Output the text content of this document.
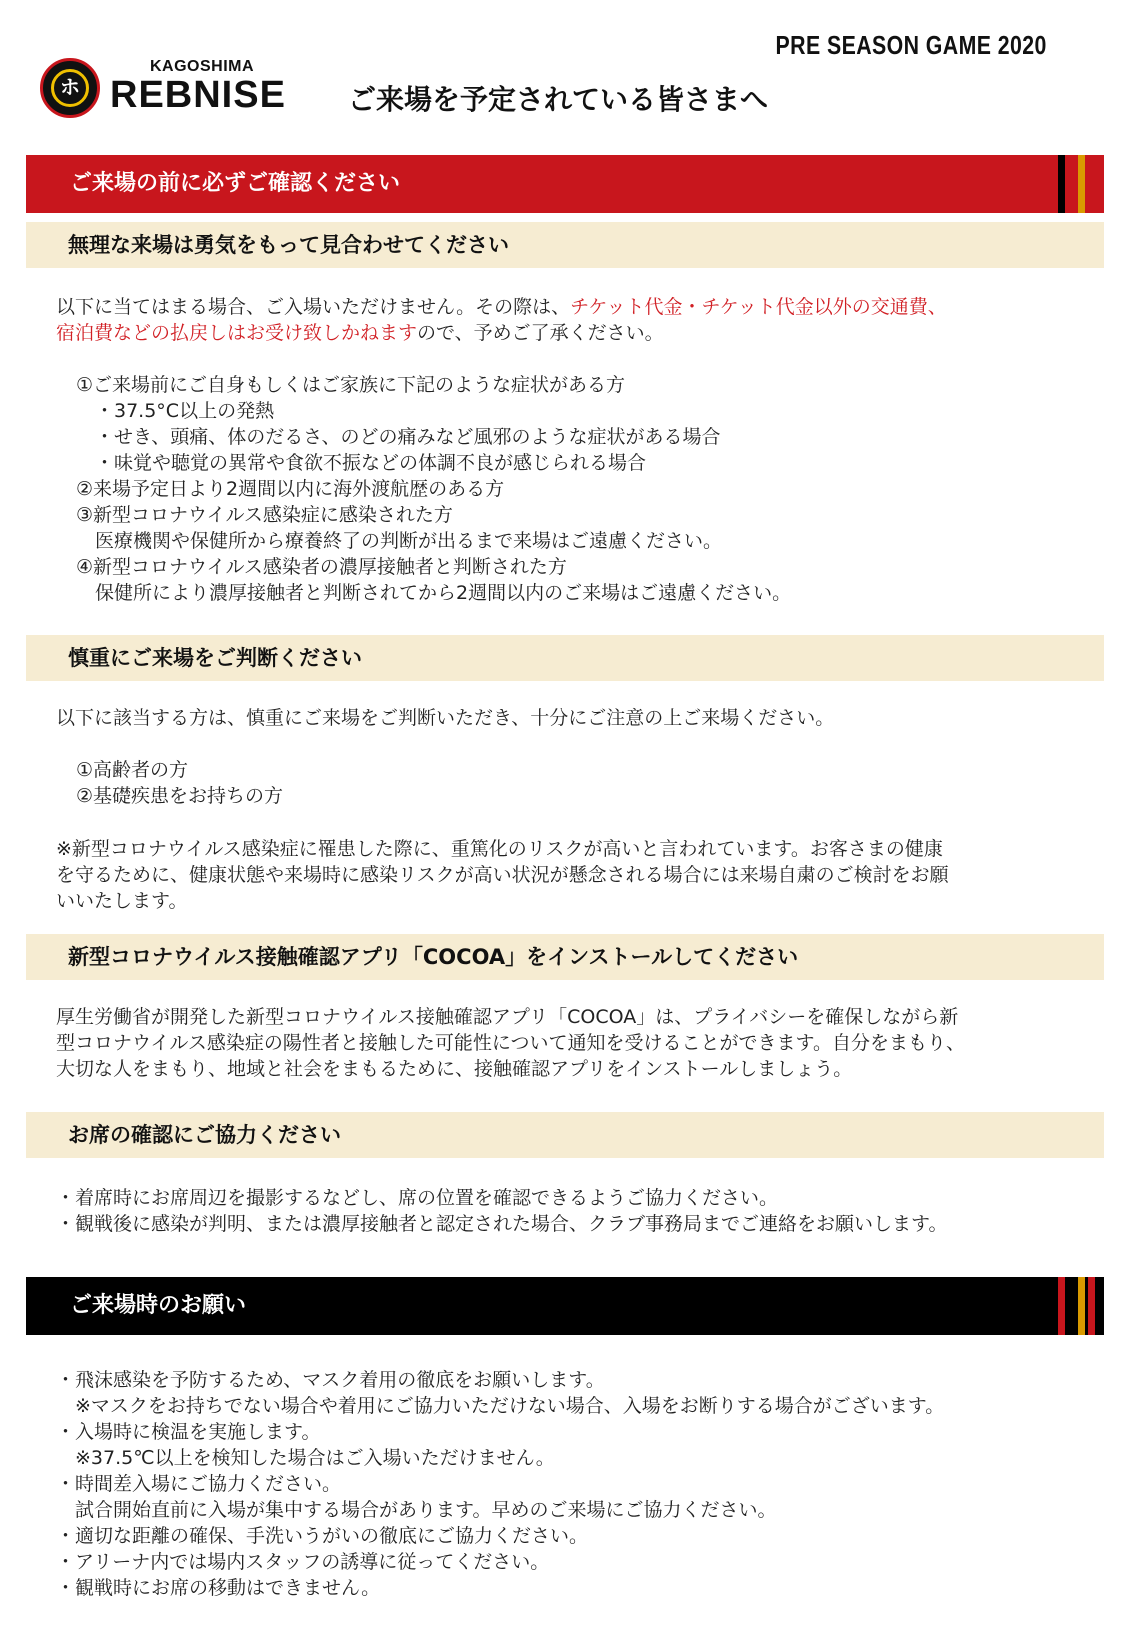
PRE SEASON GAME 2020
ホ
KAGOSHIMA
REBNISE ご来場を予定されている皆さまへ
ご来場の前に必ずご確認ください
無理な来場は勇気をもって見合わせてください
以下に当てはまる場合、ご入場いただけません。その際は、チケット代金・チケット代金以外の交通費、
宿泊費などの払戻しはお受け致しかねますので、予めご了承ください。
①ご来場前にご自身もしくはご家族に下記のような症状がある方
　・37.5°C以上の発熱
　・せき、頭痛、体のだるさ、のどの痛みなど風邪のような症状がある場合
　・味覚や聴覚の異常や食欲不振などの体調不良が感じられる場合
②来場予定日より2週間以内に海外渡航歴のある方
③新型コロナウイルス感染症に感染された方
　医療機関や保健所から療養終了の判断が出るまで来場はご遠慮ください。
④新型コロナウイルス感染者の濃厚接触者と判断された方
　保健所により濃厚接触者と判断されてから2週間以内のご来場はご遠慮ください。
慎重にご来場をご判断ください
以下に該当する方は、慎重にご来場をご判断いただき、十分にご注意の上ご来場ください。
①高齢者の方
②基礎疾患をお持ちの方
※新型コロナウイルス感染症に罹患した際に、重篤化のリスクが高いと言われています。お客さまの健康
を守るために、健康状態や来場時に感染リスクが高い状況が懸念される場合には来場自粛のご検討をお願
いいたします。
新型コロナウイルス接触確認アプリ「COCOA」をインストールしてください
厚生労働省が開発した新型コロナウイルス接触確認アプリ「COCOA」は、プライバシーを確保しながら新
型コロナウイルス感染症の陽性者と接触した可能性について通知を受けることができます。自分をまもり、
大切な人をまもり、地域と社会をまもるために、接触確認アプリをインストールしましょう。
お席の確認にご協力ください
・着席時にお席周辺を撮影するなどし、席の位置を確認できるようご協力ください。
・観戦後に感染が判明、または濃厚接触者と認定された場合、クラブ事務局までご連絡をお願いします。
ご来場時のお願い
・飛沫感染を予防するため、マスク着用の徹底をお願いします。
　※マスクをお持ちでない場合や着用にご協力いただけない場合、入場をお断りする場合がございます。
・入場時に検温を実施します。
　※37.5℃以上を検知した場合はご入場いただけません。
・時間差入場にご協力ください。
　試合開始直前に入場が集中する場合があります。早めのご来場にご協力ください。
・適切な距離の確保、手洗いうがいの徹底にご協力ください。
・アリーナ内では場内スタッフの誘導に従ってください。
・観戦時にお席の移動はできません。
